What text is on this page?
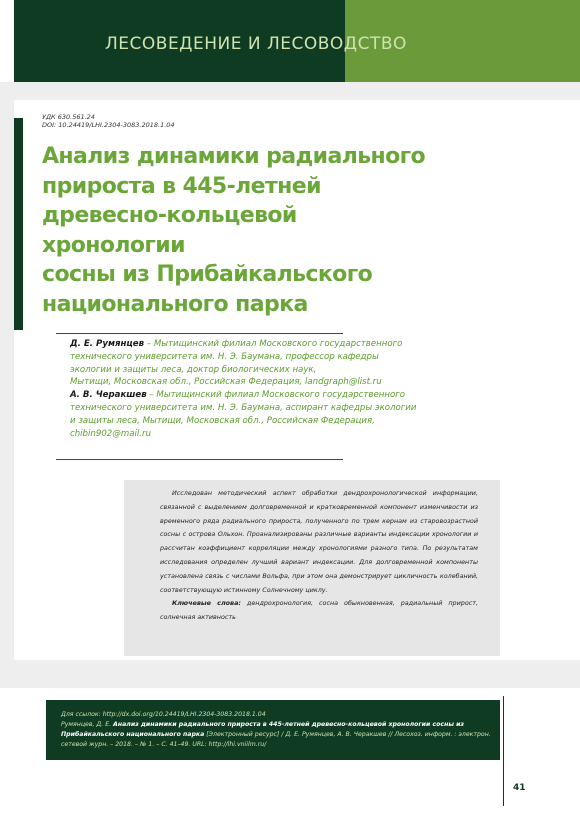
ЛЕСОВЕДЕНИЕ И ЛЕСОВОДСТВО
УДК 630.561.24
DOI: 10.24419/LHI.2304-3083.2018.1.04
Анализ динамики радиального
прироста в 445-летней
древесно-кольцевой хронологии
сосны из Прибайкальского
национального парка
Д. Е. Румянцев – Мытищинский филиал Московского государственного
технического университета им. Н. Э. Баумана, профессор кафедры
экологии и защиты леса, доктор биологических наук,
Мытищи, Московская обл., Российская Федерация, landgraph@list.ru
А. В. Черакшев – Мытищинский филиал Московского государственного
технического университета им. Н. Э. Баумана, аспирант кафедры экологии
и защиты леса, Мытищи, Московская обл., Российская Федерация,
chibin902@mail.ru

Исследован методический аспект обработки дендрохронологической информации, связанной с выделением долговременной и кратковременной компонент изменчивости из временного ряда радиального прироста, полученного по трем кернам из старовозрастной сосны с острова Ольхон. Проанализированы различные варианты индексации хронологии и рассчитан коэффициент корреляции между хронологиями разного типа. По результатам исследования определен лучший вариант индексации. Для долговременной компоненты установлена связь с числами Вольфа, при этом она демонстрирует цикличность колебаний, соответствующую истинному Солнечному циклу.

Ключевые слова: дендрохронология, сосна обыкновенная, радиальный прирост, солнечная активность

Для ссылок: http://dx.doi.org/10.24419/LHI.2304-3083.2018.1.04
Румянцев, Д. Е. Анализ динамики радиального прироста в 445-летней древесно-кольцевой хронологии сосны из Прибайкальского национального парка [Электронный ресурс] / Д. Е. Румянцев, А. В. Черакшев // Лесохоз. информ. : электрон. сетевой журн. – 2018. – № 1. – С. 41–49. URL: http://lhi.vniilm.ru/
41
